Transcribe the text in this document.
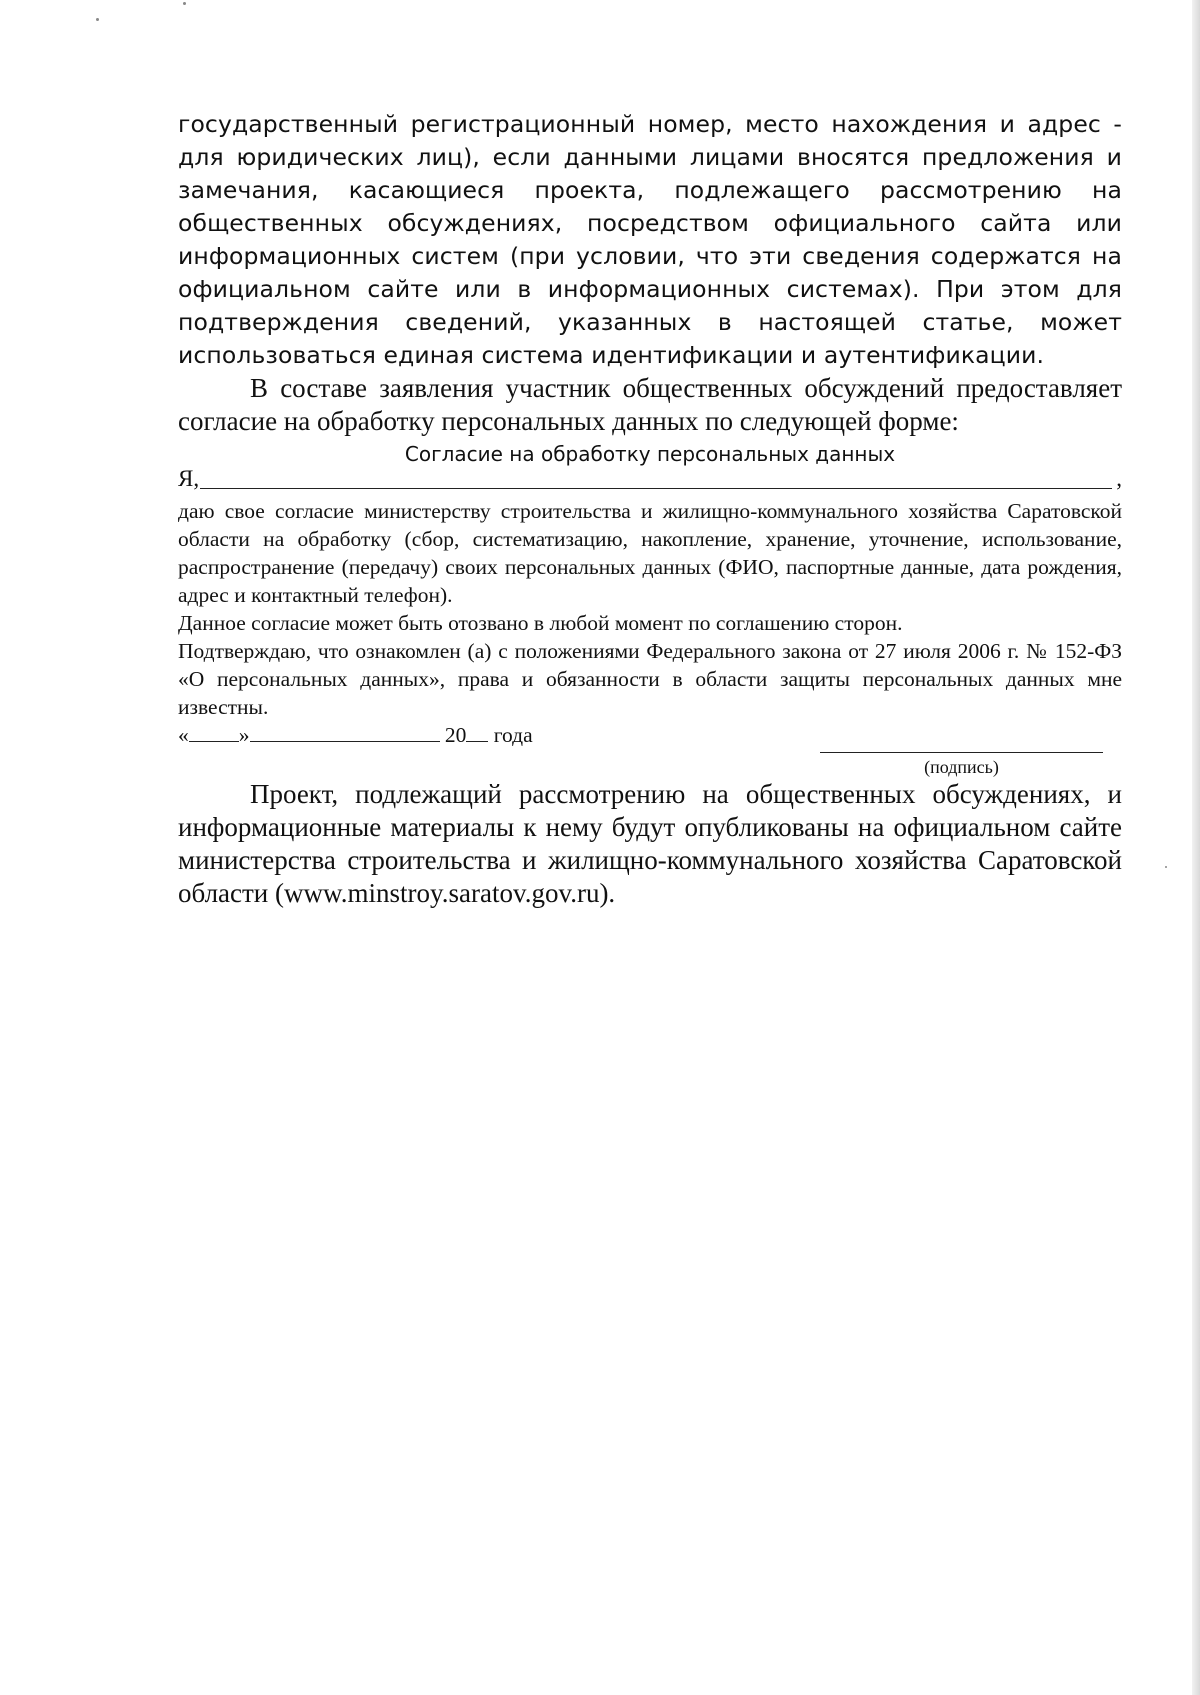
государственный регистрационный номер, место нахождения и адрес - для юридических лиц), если данными лицами вносятся предложения и замечания, касающиеся проекта, подлежащего рассмотрению на общественных обсуждениях, посредством официального сайта или информационных систем (при условии, что эти сведения содержатся на официальном сайте или в информационных системах). При этом для подтверждения сведений, указанных в настоящей статье, может использоваться единая система идентификации и аутентификации.

В составе заявления участник общественных обсуждений предоставляет согласие на обработку персональных данных по следующей форме:

Согласие на обработку персональных данных
Я,	,

даю свое согласие министерству строительства и жилищно-коммунального хозяйства Саратовской области на обработку (сбор, систематизацию, накопление, хранение, уточнение, использование, распространение (передачу) своих персональных данных (ФИО, паспортные данные, дата рождения, адрес и контактный телефон).

Данное согласие может быть отозвано в любой момент по соглашению сторон.

Подтверждаю, что ознакомлен (а) с положениями Федерального закона от 27 июля 2006 г. № 152-ФЗ «О персональных данных», права и обязанности в области защиты персональных данных мне известны.

« »	20 года
(подпись)

Проект, подлежащий рассмотрению на общественных обсуждениях, и информационные материалы к нему будут опубликованы на официальном сайте министерства строительства и жилищно-коммунального хозяйства Саратовской области (www.minstroy.saratov.gov.ru).
